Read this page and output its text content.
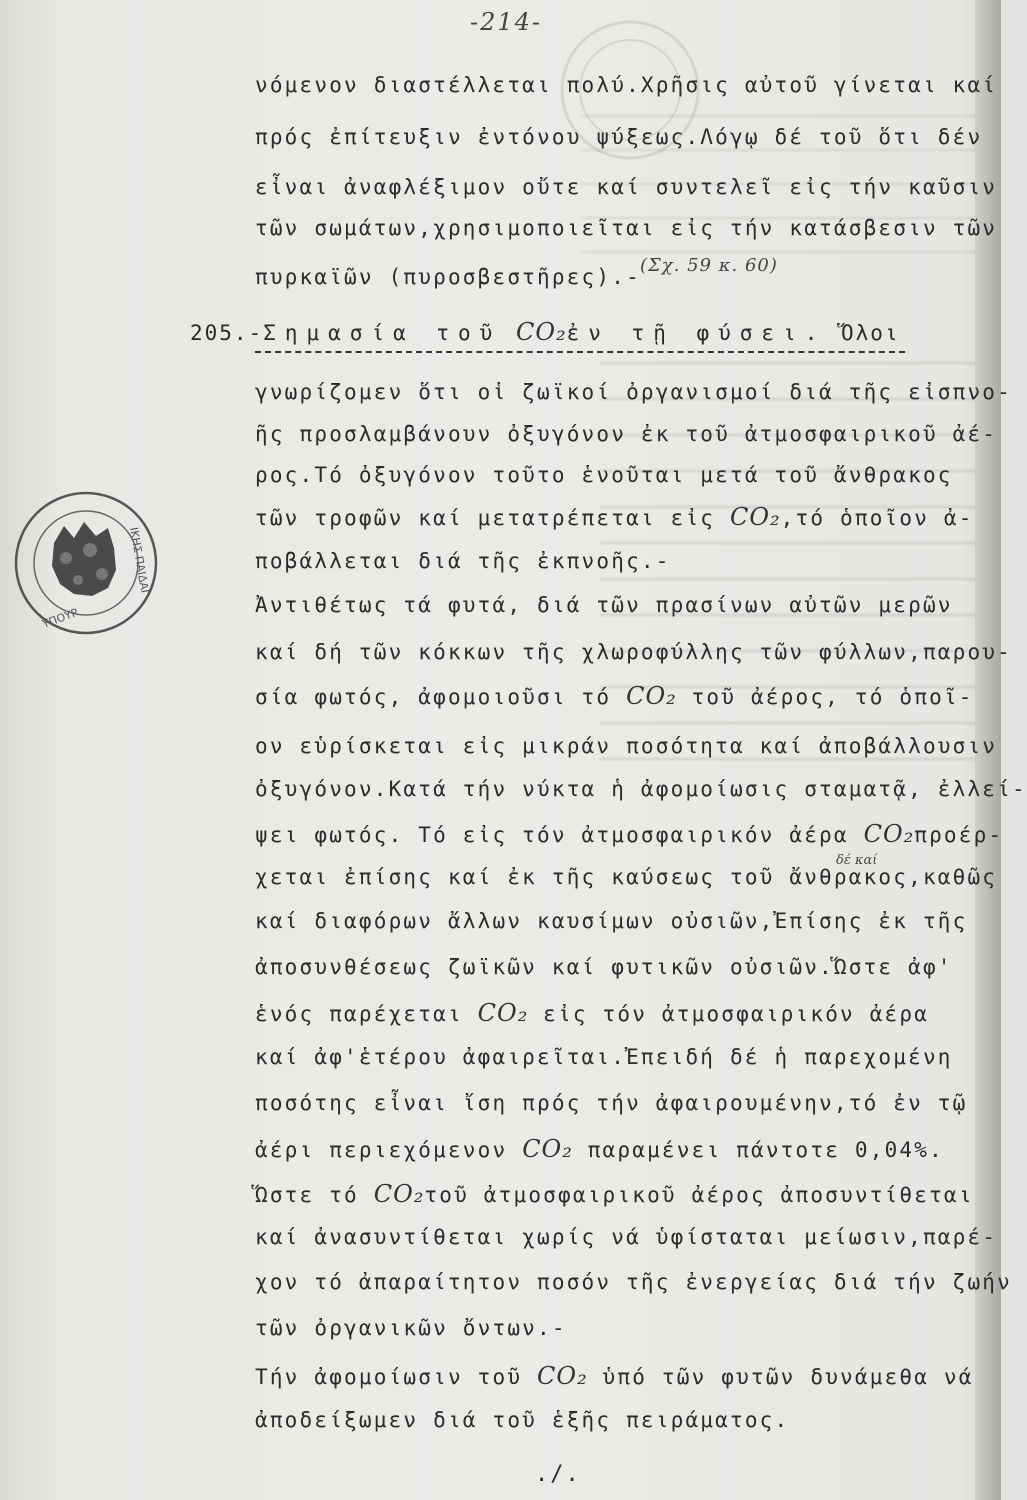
ΙΚΗΣ ΠΑΙΔΑΓ
ΥΠΟΥΡ
-214-
νόμενον διαστέλλεται πολύ.Χρῆσις αὐτοῦ γίνεται καί
πρός ἐπίτευξιν ἐντόνου ψύξεως.Λόγῳ δέ τοῦ ὅτι δέν
εἶναι ἀναφλέξιμον οὔτε καί συντελεῖ εἰς τήν καῦσιν
τῶν σωμάτων,χρησιμοποιεῖται εἰς τήν κατάσβεσιν τῶν
πυρκαϊῶν (πυροσβεστῆρες).- (Σχ. 59 κ. 60)
205.-Σημασία τοῦ CO₂ἐν τῇ φύσει. Ὅλοι
γνωρίζομεν ὅτι οἱ ζωϊκοί ὀργανισμοί διά τῆς εἰσπνο-
ῆς προσλαμβάνουν ὀξυγόνον ἐκ τοῦ ἀτμοσφαιρικοῦ ἀέ-
ρος.Τό ὀξυγόνον τοῦτο ἑνοῦται μετά τοῦ ἄνθρακος
τῶν τροφῶν καί μετατρέπεται εἰς CO₂,τό ὁποῖον ἀ-
ποβάλλεται διά τῆς ἐκπνοῆς.-
Ἀντιθέτως τά φυτά, διά τῶν πρασίνων αὐτῶν μερῶν
καί δή τῶν κόκκων τῆς χλωροφύλλης τῶν φύλλων,παρου-
σία φωτός, ἀφομοιοῦσι τό CO₂ τοῦ ἀέρος, τό ὁποῖ-
ον εὑρίσκεται εἰς μικράν ποσότητα καί ἀποβάλλουσιν
ὀξυγόνον.Κατά τήν νύκτα ἡ ἀφομοίωσις σταματᾷ, ἐλλεί-
ψει φωτός. Τό εἰς τόν ἀτμοσφαιρικόν ἀέρα CO₂προέρ-
χεται ἐπίσης καί ἐκ τῆς καύσεως τοῦ ἄνθρακος,καθῶς
δέ καί
καί διαφόρων ἄλλων καυσίμων οὐσιῶν,Ἐπίσης ἐκ τῆς
ἀποσυνθέσεως ζωϊκῶν καί φυτικῶν οὐσιῶν.Ὥστε ἀφ'
ἑνός παρέχεται CO₂ εἰς τόν ἀτμοσφαιρικόν ἀέρα
καί ἀφ'ἑτέρου ἀφαιρεῖται.Ἐπειδή δέ ἡ παρεχομένη
ποσότης εἶναι ἴση πρός τήν ἀφαιρουμένην,τό ἐν τῷ
ἀέρι περιεχόμενον CO₂ παραμένει πάντοτε 0,04%.
Ὥστε τό CO₂τοῦ ἀτμοσφαιρικοῦ ἀέρος ἀποσυντίθεται
καί ἀνασυντίθεται χωρίς νά ὑφίσταται μείωσιν,παρέ-
χον τό ἀπαραίτητον ποσόν τῆς ἐνεργείας διά τήν ζωήν
τῶν ὀργανικῶν ὄντων.-
Τήν ἀφομοίωσιν τοῦ CO₂ ὑπό τῶν φυτῶν δυνάμεθα νά
ἀποδείξωμεν διά τοῦ ἑξῆς πειράματος.
./.
